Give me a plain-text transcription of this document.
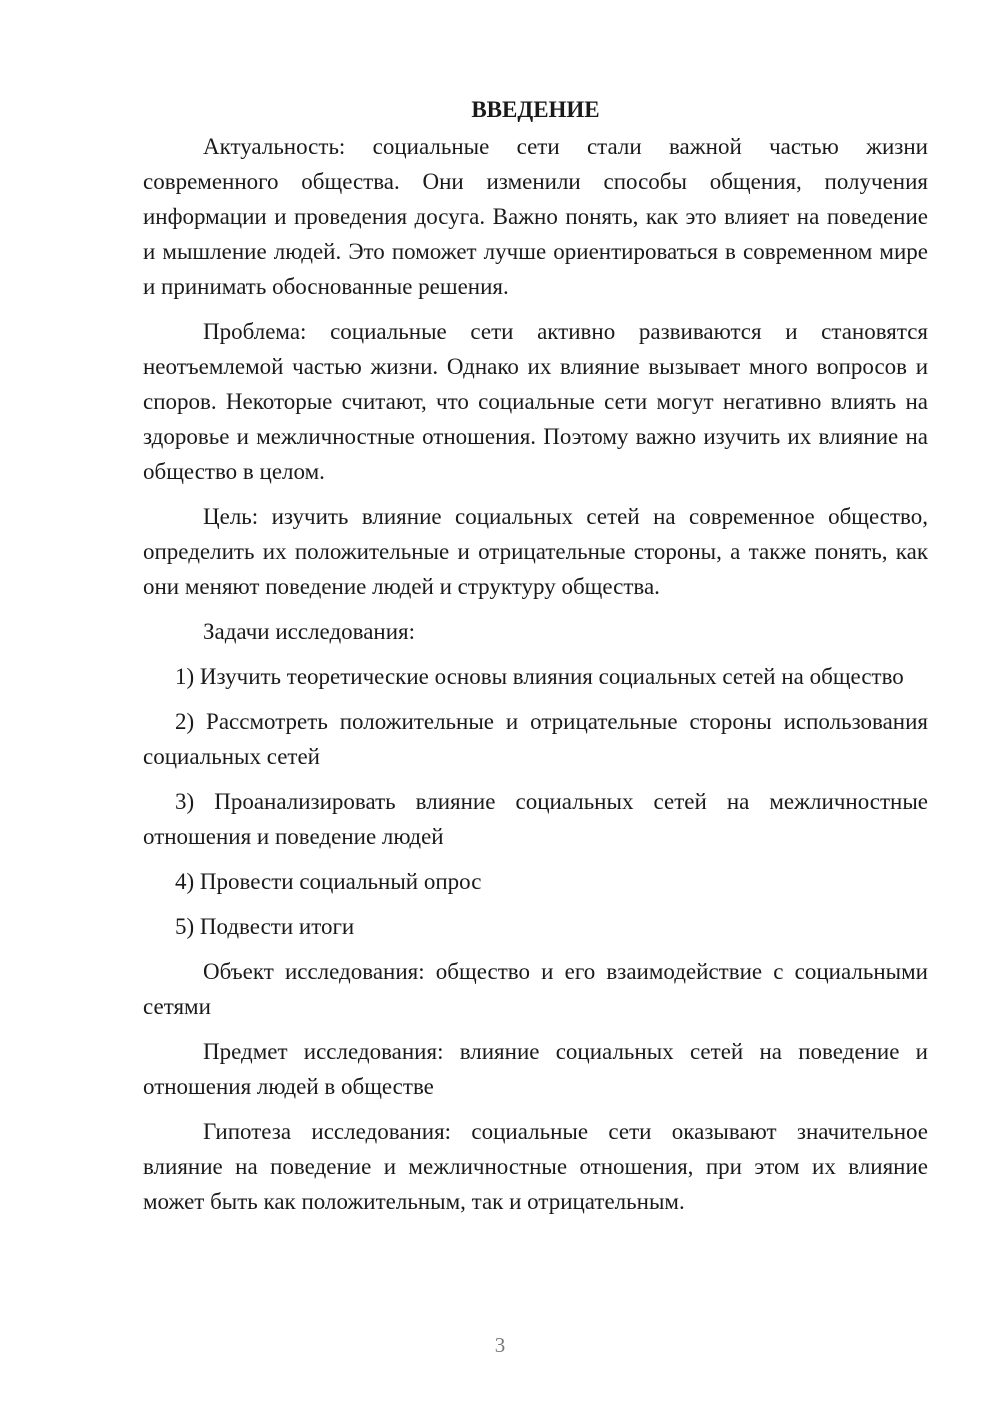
ВВЕДЕНИЕ

Актуальность: социальные сети стали важной частью жизни современного общества. Они изменили способы общения, получения информации и проведения досуга. Важно понять, как это влияет на поведение и мышление людей. Это поможет лучше ориентироваться в современном мире и принимать обоснованные решения.

Проблема: социальные сети активно развиваются и становятся неотъемлемой частью жизни. Однако их влияние вызывает много вопросов и споров. Некоторые считают, что социальные сети могут негативно влиять на здоровье и межличностные отношения. Поэтому важно изучить их влияние на общество в целом.

Цель: изучить влияние социальных сетей на современное общество, определить их положительные и отрицательные стороны, а также понять, как они меняют поведение людей и структуру общества.

Задачи исследования:

1) Изучить теоретические основы влияния социальных сетей на общество

2) Рассмотреть положительные и отрицательные стороны использования социальных сетей

3) Проанализировать влияние социальных сетей на межличностные отношения и поведение людей

4) Провести социальный опрос

5) Подвести итоги

Объект исследования: общество и его взаимодействие с социальными сетями

Предмет исследования: влияние социальных сетей на поведение и отношения людей в обществе

Гипотеза исследования: социальные сети оказывают значительное влияние на поведение и межличностные отношения, при этом их влияние может быть как положительным, так и отрицательным.

3
